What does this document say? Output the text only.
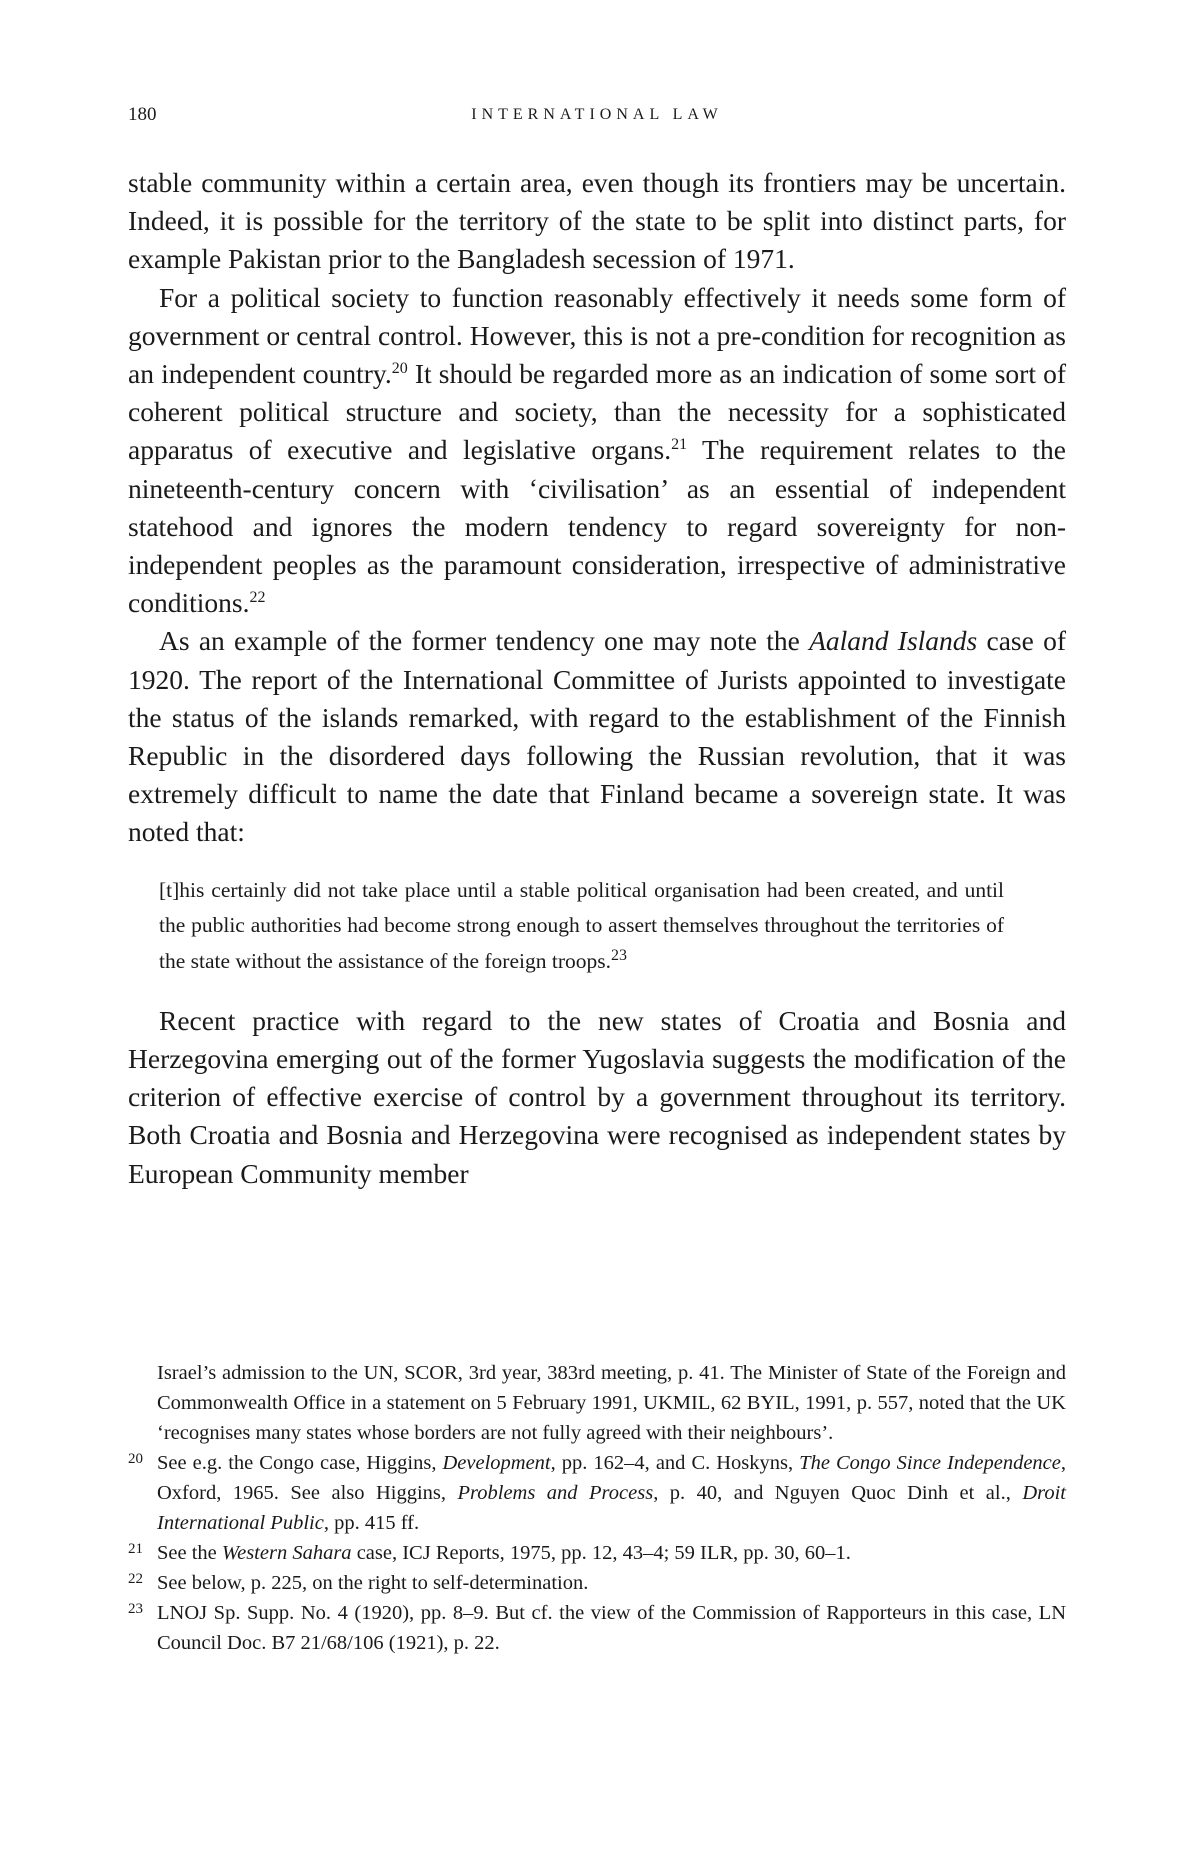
180	INTERNATIONAL LAW

stable community within a certain area, even though its frontiers may be uncertain. Indeed, it is possible for the territory of the state to be split into distinct parts, for example Pakistan prior to the Bangladesh secession of 1971.

For a political society to function reasonably effectively it needs some form of government or central control. However, this is not a pre-condition for recognition as an independent country.$^{20}$ It should be regarded more as an indication of some sort of coherent political structure and society, than the necessity for a sophisticated apparatus of executive and legislative organs.$^{21}$ The requirement relates to the nineteenth-century concern with ‘civilisation’ as an essential of independent statehood and ignores the modern tendency to regard sovereignty for non-independent peoples as the paramount consideration, irrespective of administrative conditions.$^{22}$

As an example of the former tendency one may note the Aaland Islands case of 1920. The report of the International Committee of Jurists appointed to investigate the status of the islands remarked, with regard to the establishment of the Finnish Republic in the disordered days following the Russian revolution, that it was extremely difficult to name the date that Finland became a sovereign state. It was noted that:

[t]his certainly did not take place until a stable political organisation had been created, and until the public authorities had become strong enough to assert themselves throughout the territories of the state without the assistance of the foreign troops.$^{23}$

Recent practice with regard to the new states of Croatia and Bosnia and Herzegovina emerging out of the former Yugoslavia suggests the modification of the criterion of effective exercise of control by a government throughout its territory. Both Croatia and Bosnia and Herzegovina were recognised as independent states by European Community member

Israel’s admission to the UN, SCOR, 3rd year, 383rd meeting, p. 41. The Minister of State of the Foreign and Commonwealth Office in a statement on 5 February 1991, UKMIL, 62 BYIL, 1991, p. 557, noted that the UK ‘recognises many states whose borders are not fully agreed with their neighbours’.
20 See e.g. the Congo case, Higgins, Development, pp. 162–4, and C. Hoskyns, The Congo Since Independence, Oxford, 1965. See also Higgins, Problems and Process, p. 40, and Nguyen Quoc Dinh et al., Droit International Public, pp. 415 ff.
21 See the Western Sahara case, ICJ Reports, 1975, pp. 12, 43–4; 59 ILR, pp. 30, 60–1.
22 See below, p. 225, on the right to self-determination.
23 LNOJ Sp. Supp. No. 4 (1920), pp. 8–9. But cf. the view of the Commission of Rapporteurs in this case, LN Council Doc. B7 21/68/106 (1921), p. 22.
